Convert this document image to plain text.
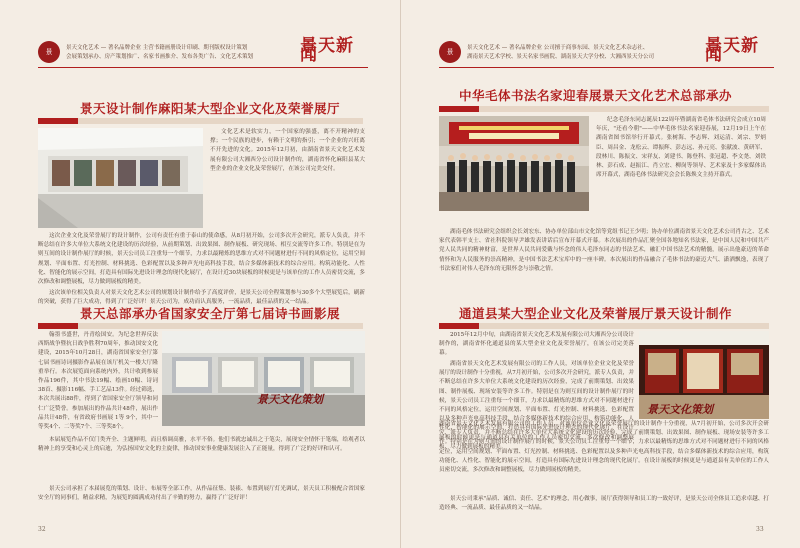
景	景天文化艺术 — 著名品牌企业 主营书籍画册设计印刷、期刊版权设计策划
会展策划承办、房产策划推广、名家书画推介、发布各类广告、文化艺术策划
景天新闻
景天设计制作麻阳某大型企业文化及荣誉展厅
文化艺术是软实力，一个国家的强盛，离不开精神的支撑；一个民族的进步，有赖于文明的指引；一个企业的兴旺离不开先进的文化。2015年12月初，由湖南省景天文化艺术发展有限公司大湘西分公司设计制作的，湖南省怀化麻阳县某大型企业的企业文化及荣誉展厅，在该公司完美交付。
这次企业文化及荣誉展厅的设计制作，公司有责任有重于泰山的使命感，从8月初开始，公司多次开会研究，派专人负责，并不断总结在许多大单位大系统文化建设的历次经验，从前期策划、出效果图、制作展板、研究现场、相互交流等许多工作。特别是在为则互间的设计制作展厅的时候，景天公司员工注重每一个细节，力求以最精炼的思维方式对不同题材进行不同的风格定位，运用空间规划、平面布置、灯光控制、材料挑选、色彩配置以及多种声光电高科技手段，结合多媒体新技术的综合应用。构筑功能化、人性化、智能化的展示空间，打造具有国际先进设计理念的现代化展厅，在设计近30块展板的时候更是与该单位的工作人员密切交流，多次修改和调整展板，尽力做到展板的精美。
这次该单位相关负责人对景天文化艺术公司的规划设计制作给予了高度评价，是景天公司全程策划参与30多个大型展览后，刷新的突破，获得了巨大成功，得到了广泛好评！景天公司为，成功而认真服务，一流品质，最佳品质的又一结晶。
景天总部承办省国家安全厅第七届诗书画影展
翰墨书盛世，丹青绘国安。为纪念世界反法西斯战争暨抗日战争胜利70周年，推动国安文化建设，2015年10月28日，湖南省国家安全厅第七届书画诗词摄影作品展在该厅机关一楼大厅隆重举行。本次展览面向系统内外，共计收到参展作品196件，其中书法19幅、绘画10幅、诗词38首、摄影116幅、手工艺品13件。经过筛选，本次共展出88件，得到了省国家安全厅领导和同仁广泛赞誉。参加展出的作品共计48件，展出作品共计48件，有省政府书画展 1等 9个，其中一等奖4个、二等奖7个、三等奖8个。
景天文化策划
本届展览作品不仅门类齐全、主题鲜明，而且格调高雅，水平不俗。他们书就忠诚出之于笔尖，展现安全情怀于笔端，给观者以精神上的享受和心灵上的启迪，为弘扬国安文化的主旋律，推动国安事业健康发展注入了正能量，得到了广泛的好评和认可。
景天公司承担了本届展览的策划、设计、布展等全部工作，从作品征集、装裱、布置到展厅灯光调试，景天员工积极配合省国家安全厅的同事们，精益求精，为展览的圆满成功付出了辛勤的努力，赢得了广泛好评！
32
景	景天文化艺术 — 著名品牌企业 公司擅于商事东园、景天文化艺术杂志社、
湖南景天艺术学校、景天名家书画院、湖南景天大学分校、大湘西景天分公司
景天新闻
中华毛体书法名家迎春展景天文化艺术总部承办
纪念毛泽东同志诞辰122周年暨湖南省毛体书法研究会成立10周年庆，"还看今朝"——中华毛体书法名家迎春展，12月19日上午在湖南省图书馆举行开幕式。张树海、李志辉、刘运清、刘宗、罗炳臣、周昌金、龙松云、谭振辉、彭志远、孙元亮、张献波、黄研军、段林川、陈振文、宋祥友、刘建书、陈登科、张冠超、李文尧、刘铁林、彭石成、赵振江、肖立宏、柳岗等领导、艺术家及十多家媒体出席开幕式，湖南毛体书法研究会会长陈焕文主持开幕式。
湖南毛体书法研究会组织会长刘宏东、协办单位部山市文化馆等党组书记王少明；协办单位湖南省景天文化艺术公司肖古之、艺术家代表韩平支士、省社科院领导尹雄发表讲话后宣布开幕式开幕。本次展出的作品汇聚全国各地知名书法家，是中国人民和中国共产党人民共同的精神财富，是世界人民共同爱戴与怀念的伟人毛泽东同志的书法艺术，融汇中国书法艺术的精髓，展示出他豪迈的革命情怀和为人民服务的崇高精神，是中国书法艺术宝库中的一座丰碑。本次展出的作品融合了毛体书法的豪迈大气、潇洒飘逸，表现了书法家们对伟人毛泽东的无限怀念与崇敬之情。
通道县某大型企业文化及荣誉展厅景天设计制作
2015年12月中旬，由湖南省景天文化艺术发展有限公司大湘西分公司设计制作的，湖南省怀化通道县的某大型企业文化及荣誉展厅，在该公司完美落幕。
湖南省景天文化艺术发展有限公司的工作人员，对该单位企业文化及荣誉展厅的设计制作十分重视，从7月初开始，公司多次开会研究，派专人负责，并不断总结在许多大单位大系统文化建设的历次经验，完成了前期策划、出效果图、制作展板、现场安装等许多工作。特别是在为则互间的设计制作展厅的时候，景天公司员工注重每一个细节，力求以最精炼的思维方式对不同题材进行不同的风格定位，运用空间规划、平面布置、灯光控制、材料挑选、色彩配置以及多种声光电高科技手段，结合多媒体新技术的综合应用，构筑功能化、人性化、智能化的展示空间，打造具有国际先进设计理念的现代化展厅。在设计展板的时候更是与通道县有关单位的工作人员密切交流，多次修改和调整展板，尽力做到展板的精美。
景天文化策划
湖南省景天文化艺术发展有限公司的工作人员，对该单位企业文化及荣誉展厅的设计制作十分重视，从7月初开始，公司多次开会研究，派专人负责，并不断总结在许多大单位大系统文化建设的历次经验，完成了前期策划、出效果图、制作展板、现场安装等许多工作。特别是在为则互间的设计制作展厅的时候，景天公司员工注重每一个细节，力求以最精炼的思维方式对不同题材进行不同的风格定位，运用空间规划、平面布置、灯光控制、材料挑选、色彩配置以及多种声光电高科技手段，结合多媒体新技术的综合应用，构筑功能化、人性化、智能化的展示空间，打造具有国际先进设计理念的现代化展厅。在设计展板的时候更是与通道县有关单位的工作人员密切交流，多次修改和调整展板，尽力做到展板的精美。
景天公司秉承"品质、诚信、责任、艺术"的理念，用心做事，展厅获得领导和员工的一致好评，是景天公司全体员工追求卓越、打造经典、一流品质、最佳品质的又一结晶。
33
